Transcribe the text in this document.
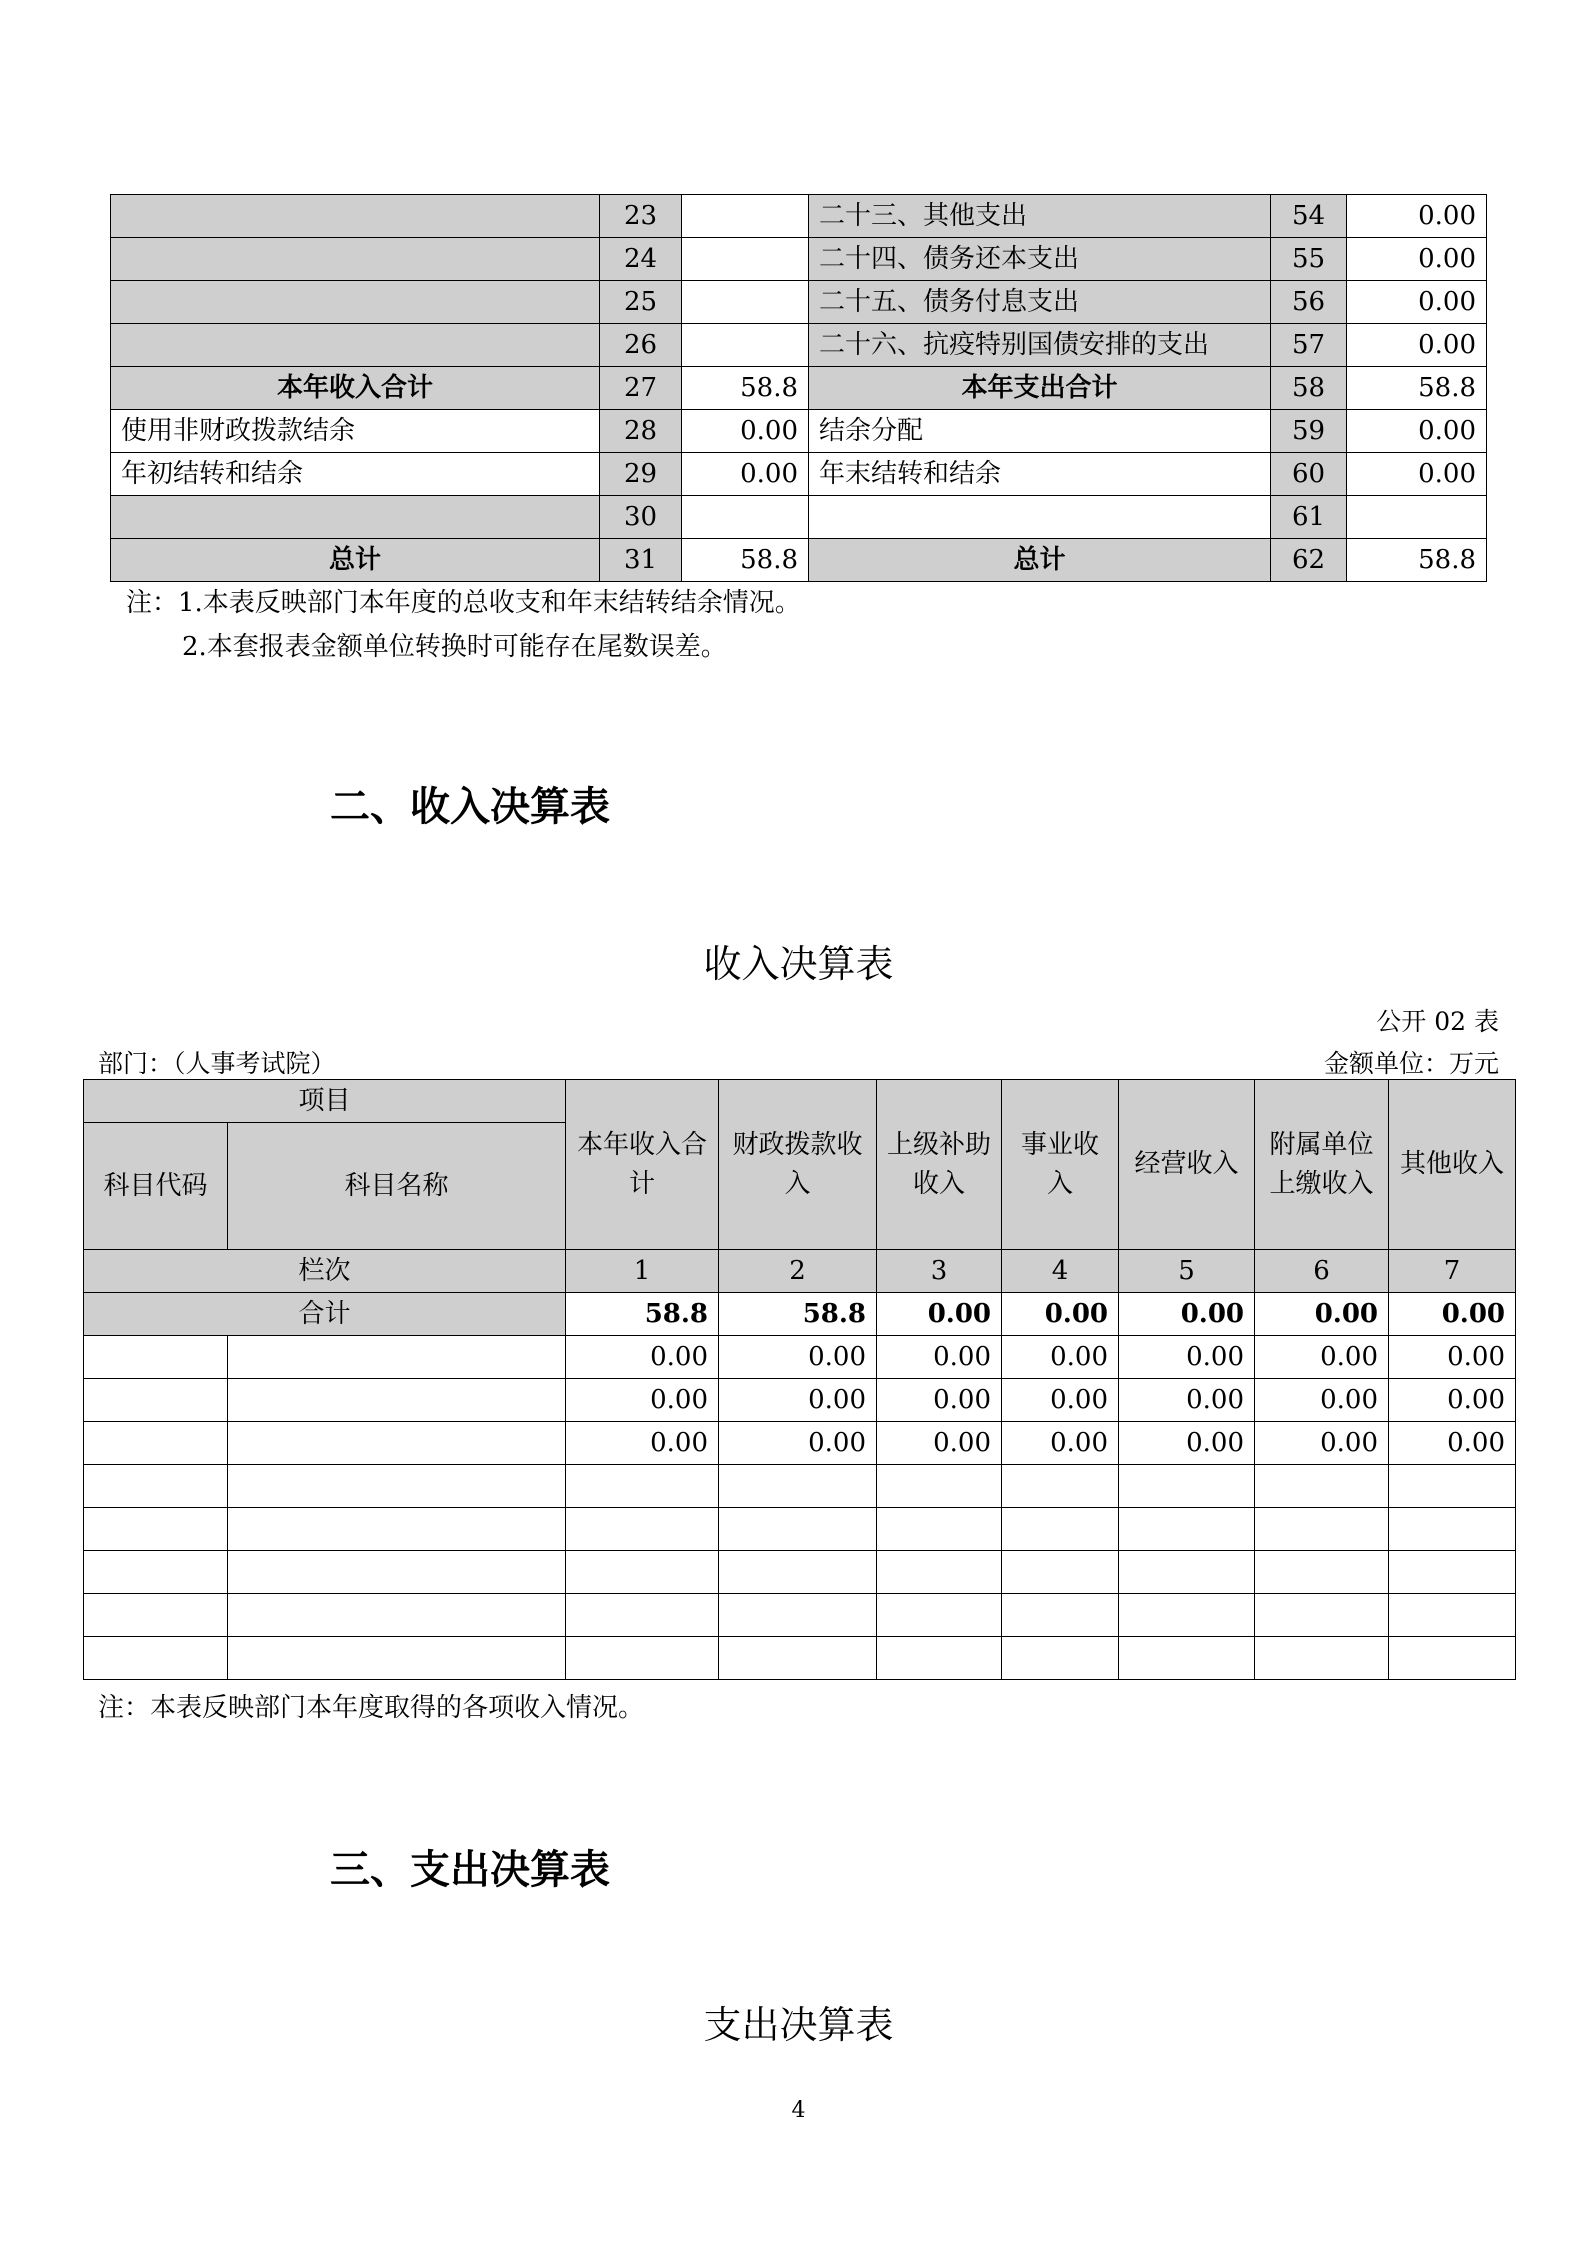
	23		二十三、其他支出	54	0.00
	24		二十四、债务还本支出	55	0.00
	25		二十五、债务付息支出	56	0.00
	26		二十六、抗疫特别国债安排的支出	57	0.00
本年收入合计	27	58.8	本年支出合计	58	58.8
使用非财政拨款结余	28	0.00	结余分配	59	0.00
年初结转和结余	29	0.00	年末结转和结余	60	0.00
	30			61	
总计	31	58.8	总计	62	58.8
注：1.本表反映部门本年度的总收支和年末结转结余情况。
2.本套报表金额单位转换时可能存在尾数误差。
二、收入决算表
收入决算表
公开 02 表
部门：（人事考试院）	金额单位：万元
项目		本年收入合计	财政拨款收入	上级补助收入	事业收入	经营收入	附属单位上缴收入	其他收入
科目代码	科目名称							
栏次		1	2	3	4	5	6	7
合计		58.8	58.8	0.00	0.00	0.00	0.00	0.00
		0.00	0.00	0.00	0.00	0.00	0.00	0.00
		0.00	0.00	0.00	0.00	0.00	0.00	0.00
		0.00	0.00	0.00	0.00	0.00	0.00	0.00

注：本表反映部门本年度取得的各项收入情况。
三、支出决算表
支出决算表
4
